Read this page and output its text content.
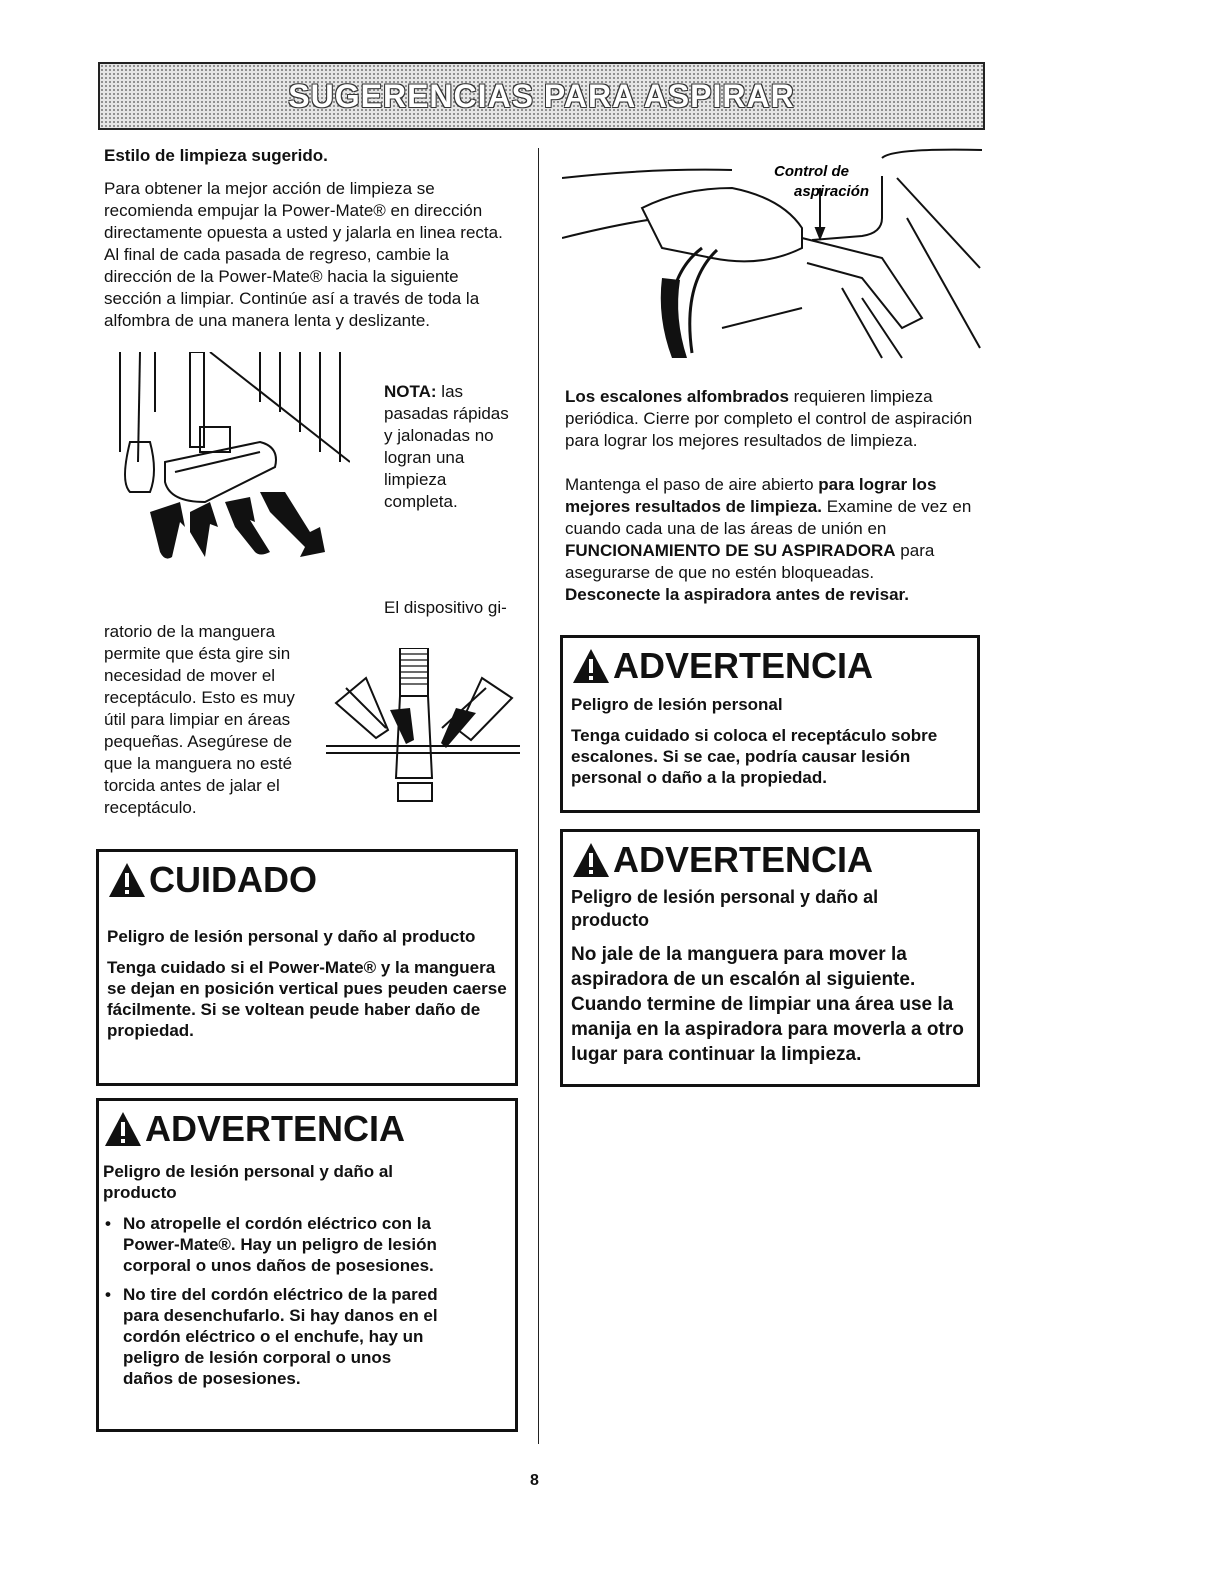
SUGERENCIAS PARA ASPIRAR
Estilo de limpieza sugerido.
Para obtener la mejor acción de limpieza se recomienda empujar la Power-Mate® en dirección directamente opuesta a usted y jalarla en linea recta. Al final de cada pasada de regreso, cambie la dirección de la Power-Mate® hacia la siguiente sección a limpiar. Continúe así a través de toda la alfombra de una manera lenta y deslizante.
NOTA: las pasadas rápidas y jalonadas no logran una limpieza completa.
El dispositivo gi-
ratorio de la manguera permite que ésta gire sin necesidad de mover el receptáculo. Esto es muy útil para limpiar en áreas pequeñas. Asegúrese de que la manguera no esté torcida antes de jalar el receptáculo.
CUIDADO
Peligro de lesión personal y daño al producto
Tenga cuidado si el Power-Mate® y la manguera se dejan en posición vertical pues peuden caerse fácilmente. Si se voltean peude haber daño de propiedad.
ADVERTENCIA
Peligro de lesión personal y daño al producto
• No atropelle el cordón eléctrico con la Power-Mate®. Hay un peligro de lesión corporal o unos daños de posesiones.
• No tire del cordón eléctrico de la pared para desenchufarlo. Si hay danos en el cordón eléctrico o el enchufe, hay un peligro de lesión corporal o unos daños de posesiones.
Control de
aspiración
Los escalones alfombrados requieren limpieza periódica. Cierre por completo el control de aspiración para lograr los mejores resultados de limpieza.
Mantenga el paso de aire abierto para lograr los mejores resultados de limpieza. Examine de vez en cuando cada una de las áreas de unión en FUNCIONAMIENTO DE SU ASPIRADORA para asegurarse de que no estén bloqueadas.
Desconecte la aspiradora antes de revisar.
ADVERTENCIA
Peligro de lesión personal
Tenga cuidado si coloca el receptáculo sobre escalones. Si se cae, podría causar lesión personal o daño a la propiedad.
ADVERTENCIA
Peligro de lesión personal y daño al producto
No jale de la manguera para mover la aspiradora de un escalón al siguiente. Cuando termine de limpiar una área use la manija en la aspiradora para moverla a otro lugar para continuar la limpieza.
8
